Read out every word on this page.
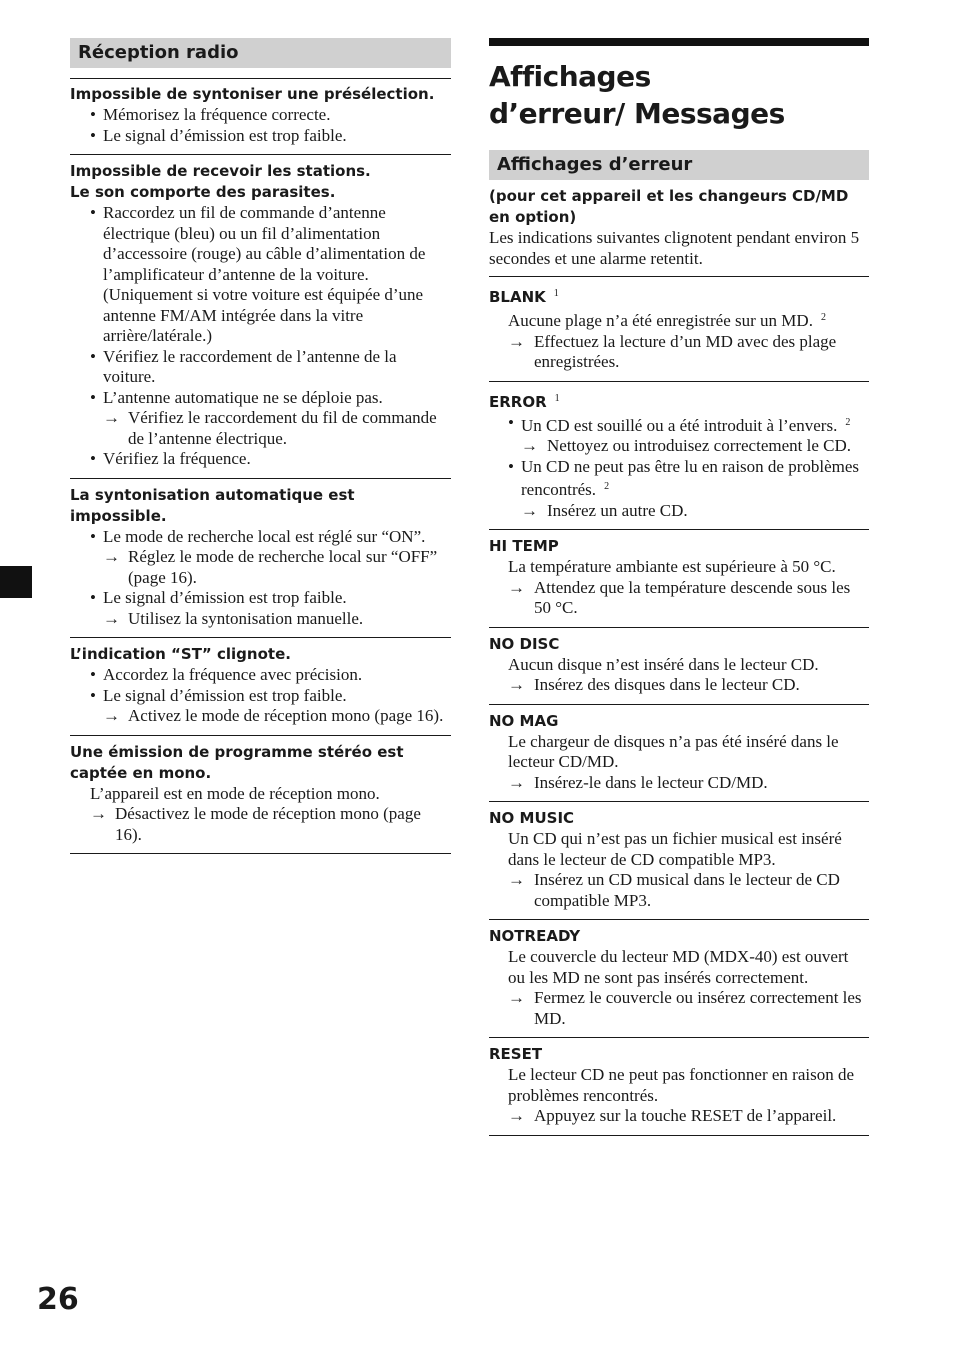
Réception radio
Impossible de syntoniser une présélection.
• Mémorisez la fréquence correcte.
• Le signal d’émission est trop faible.
Impossible de recevoir les stations.
Le son comporte des parasites.
• Raccordez un fil de commande d’antenne électrique (bleu) ou un fil d’alimentation d’accessoire (rouge) au câble d’alimentation de l’amplificateur d’antenne de la voiture. (Uniquement si votre voiture est équipée d’une antenne FM/AM intégrée dans la vitre arrière/latérale.)
• Vérifiez le raccordement de l’antenne de la voiture.
• L’antenne automatique ne se déploie pas.
→ Vérifiez le raccordement du fil de commande de l’antenne électrique.
• Vérifiez la fréquence.
La syntonisation automatique est impossible.
• Le mode de recherche local est réglé sur “ON”.
→ Réglez le mode de recherche local sur “OFF” (page 16).
• Le signal d’émission est trop faible.
→ Utilisez la syntonisation manuelle.
L’indication “ST” clignote.
• Accordez la fréquence avec précision.
• Le signal d’émission est trop faible.
→ Activez le mode de réception mono (page 16).
Une émission de programme stéréo est captée en mono.
L’appareil est en mode de réception mono.
→ Désactivez le mode de réception mono (page 16).
Affichages d’erreur/ Messages
Affichages d’erreur
(pour cet appareil et les changeurs CD/MD en option)
Les indications suivantes clignotent pendant environ 5 secondes et une alarme retentit.
BLANK $^1$
Aucune plage n’a été enregistrée sur un MD. $^2$
→ Effectuez la lecture d’un MD avec des plage enregistrées.
ERROR $^1$
• Un CD est souillé ou a été introduit à l’envers. $^2$
→ Nettoyez ou introduisez correctement le CD.
• Un CD ne peut pas être lu en raison de problèmes rencontrés. $^2$
→ Insérez un autre CD.
HI TEMP
La température ambiante est supérieure à 50 °C.
→ Attendez que la température descende sous les 50 °C.
NO DISC
Aucun disque n’est inséré dans le lecteur CD.
→ Insérez des disques dans le lecteur CD.
NO MAG
Le chargeur de disques n’a pas été inséré dans le lecteur CD/MD.
→ Insérez-le dans le lecteur CD/MD.
NO MUSIC
Un CD qui n’est pas un fichier musical est inséré dans le lecteur de CD compatible MP3.
→ Insérez un CD musical dans le lecteur de CD compatible MP3.
NOTREADY
Le couvercle du lecteur MD (MDX-40) est ouvert ou les MD ne sont pas insérés correctement.
→ Fermez le couvercle ou insérez correctement les MD.
RESET
Le lecteur CD ne peut pas fonctionner en raison de problèmes rencontrés.
→ Appuyez sur la touche RESET de l’appareil.
26
